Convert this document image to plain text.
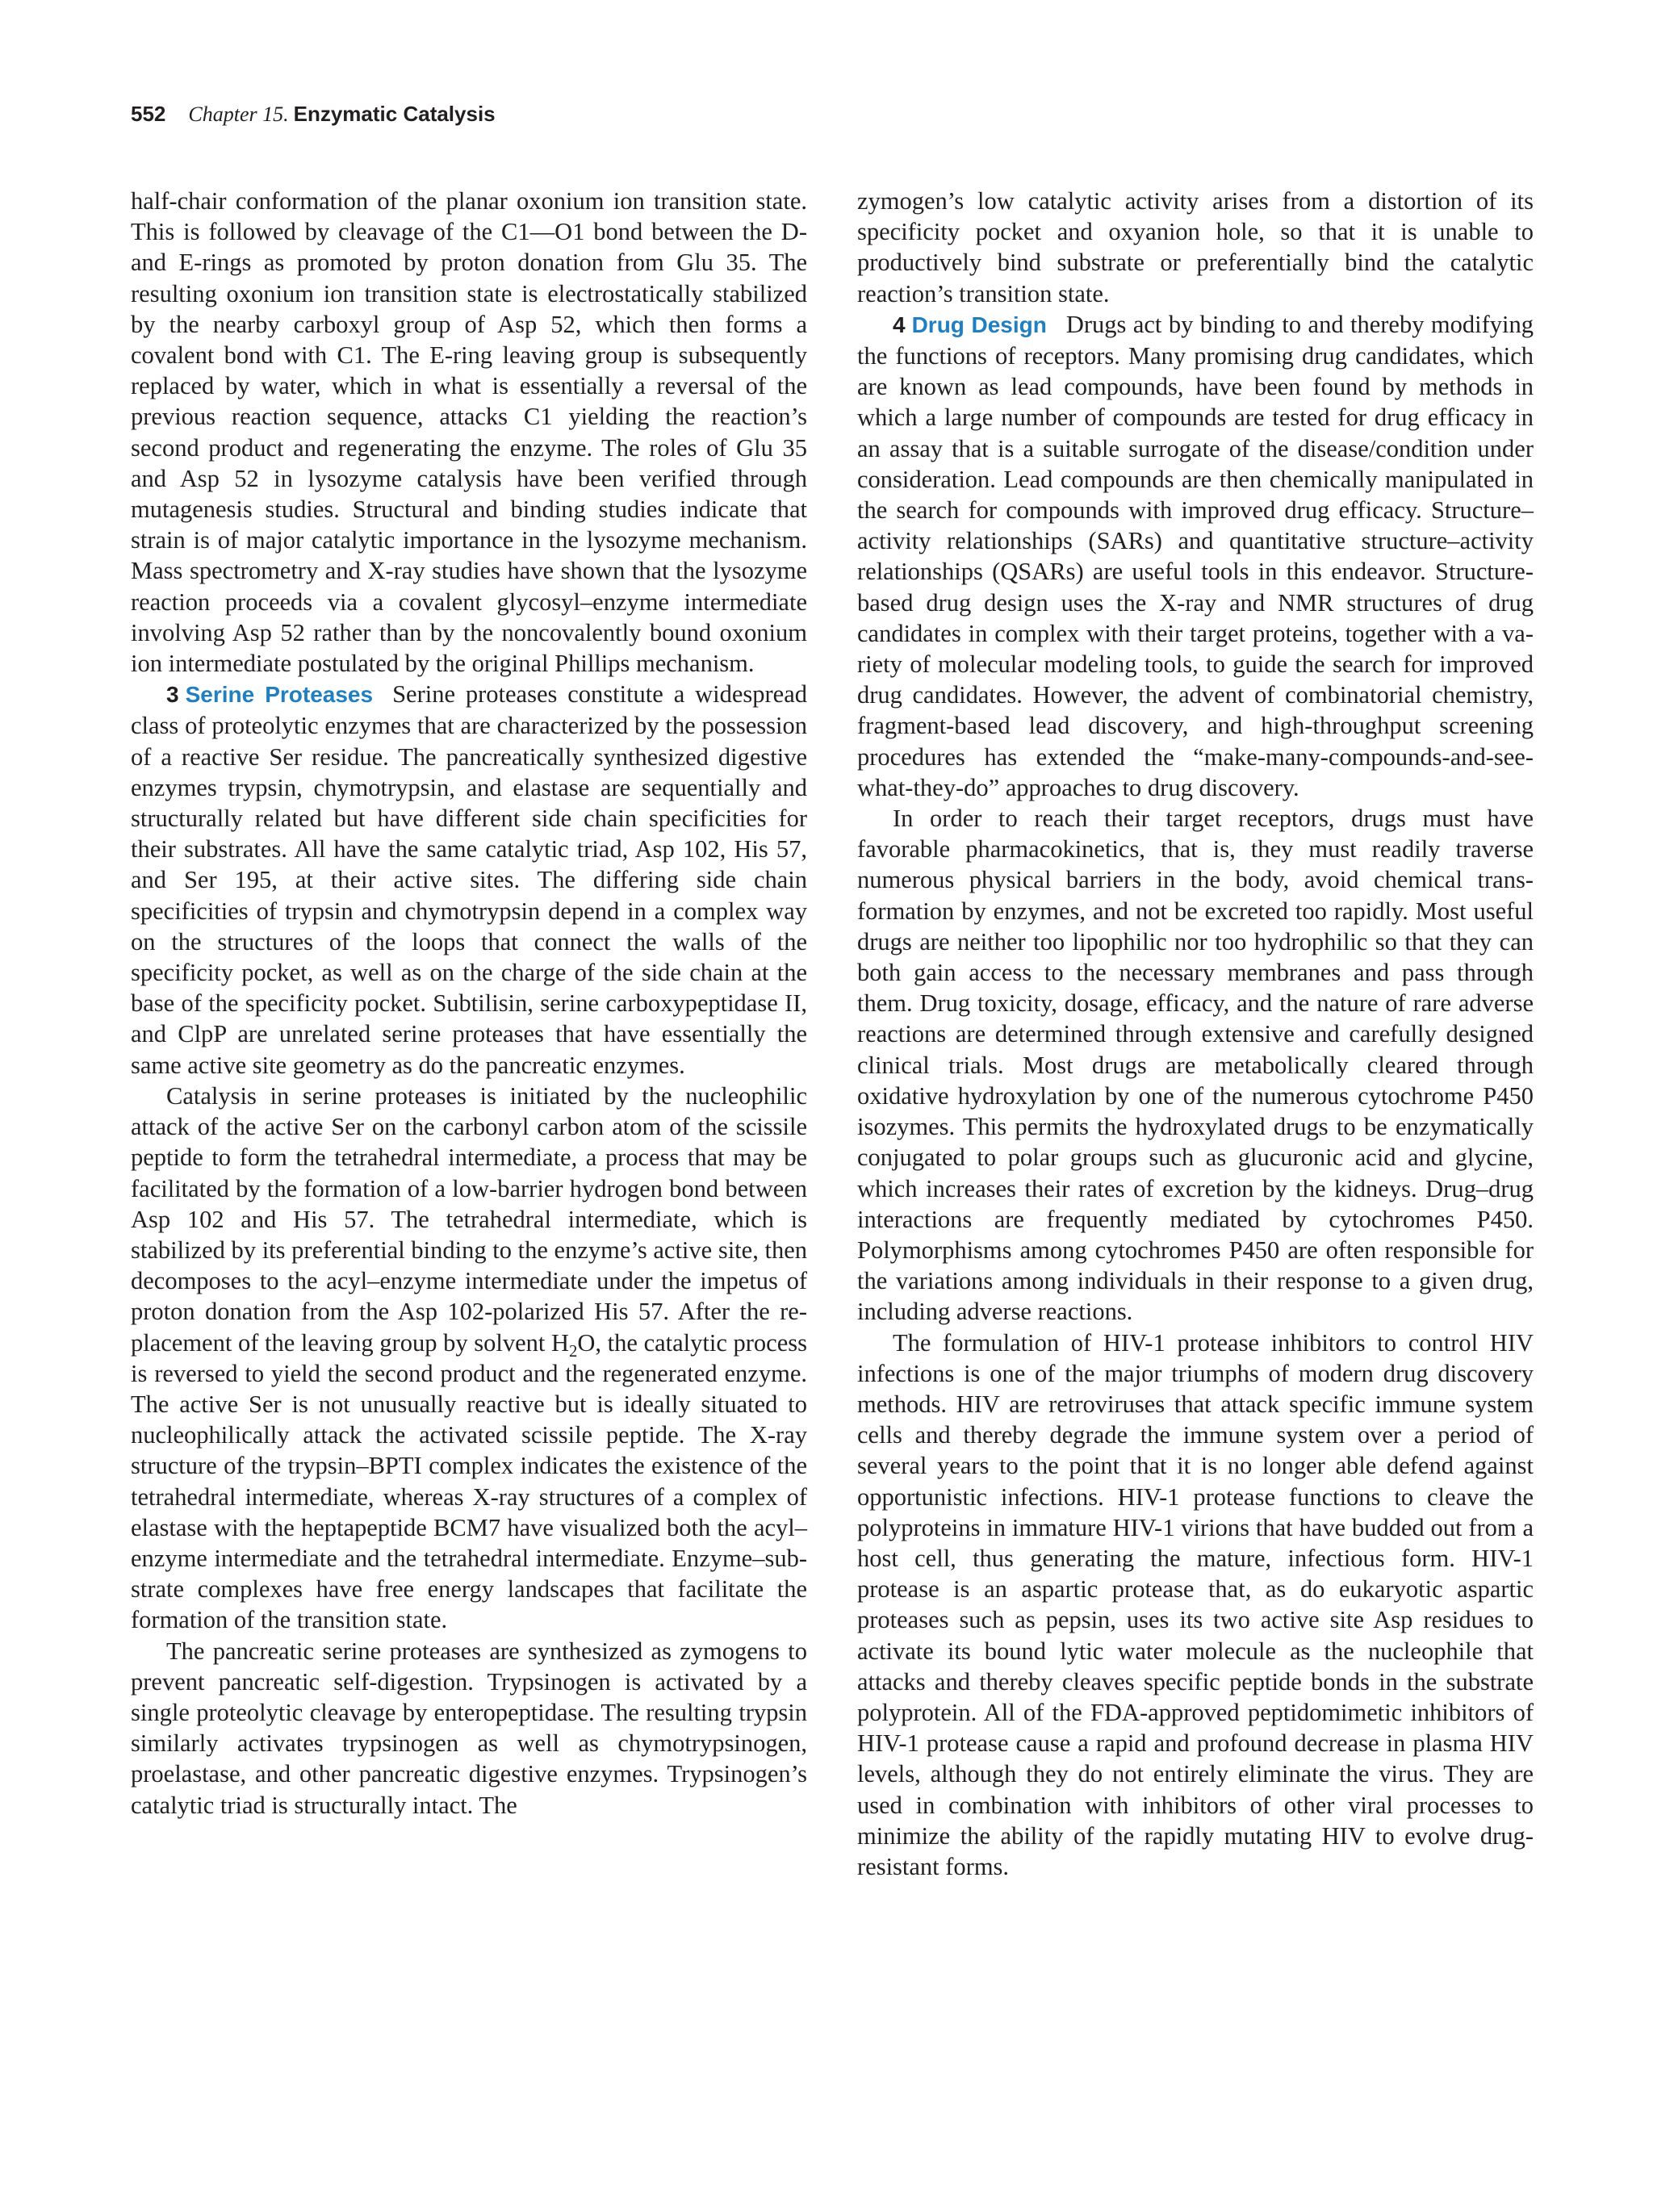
552 Chapter 15. Enzymatic Catalysis

half-chair conformation of the planar oxonium ion transition state. This is followed by cleavage of the C1—O1 bond between the D- and E-rings as promoted by proton donation from Glu 35. The resulting oxonium ion transition state is electrostatically stabilized by the nearby carboxyl group of Asp 52, which then forms a covalent bond with C1. The E-ring leaving group is subsequently replaced by water, which in what is essentially a reversal of the previous reaction sequence, attacks C1 yielding the reaction’s second product and regenerating the enzyme. The roles of Glu 35 and Asp 52 in lysozyme catalysis have been verified through mutagenesis studies. Structural and binding studies indicate that strain is of major catalytic importance in the lysozyme mechanism. Mass spectrometry and X-ray studies have shown that the lysozyme reaction proceeds via a covalent glycosyl–enzyme intermediate involving Asp 52 rather than by the noncovalently bound oxonium ion intermediate postulated by the original Phillips mechanism.

3 Serine Proteases Serine proteases constitute a widespread class of proteolytic enzymes that are characterized by the possession of a reactive Ser residue. The pancreatically synthesized digestive enzymes trypsin, chymotrypsin, and elastase are sequentially and structurally related but have different side chain specificities for their substrates. All have the same catalytic triad, Asp 102, His 57, and Ser 195, at their active sites. The differing side chain specificities of trypsin and chymotrypsin depend in a complex way on the structures of the loops that connect the walls of the specificity pocket, as well as on the charge of the side chain at the base of the specificity pocket. Subtilisin, serine carboxypeptidase II, and ClpP are unrelated serine proteases that have essentially the same active site geometry as do the pancreatic enzymes.

Catalysis in serine proteases is initiated by the nucleophilic attack of the active Ser on the carbonyl carbon atom of the scissile peptide to form the tetrahedral intermediate, a process that may be facilitated by the formation of a low-barrier hydrogen bond between Asp 102 and His 57. The tetrahedral intermediate, which is stabilized by its preferential binding to the enzyme’s active site, then decomposes to the acyl–enzyme intermediate under the impetus of proton donation from the Asp 102-polarized His 57. After the replacement of the leaving group by solvent $H_2O$, the catalytic process is reversed to yield the second product and the regenerated enzyme. The active Ser is not unusually reactive but is ideally situated to nucleophilically attack the activated scissile peptide. The X-ray structure of the trypsin–BPTI complex indicates the existence of the tetrahedral intermediate, whereas X-ray structures of a complex of elastase with the heptapeptide BCM7 have visualized both the acyl–enzyme intermediate and the tetrahedral intermediate. Enzyme–substrate complexes have free energy landscapes that facilitate the formation of the transition state.

The pancreatic serine proteases are synthesized as zymogens to prevent pancreatic self-digestion. Trypsinogen is activated by a single proteolytic cleavage by enteropeptidase. The resulting trypsin similarly activates trypsinogen as well as chymotrypsinogen, proelastase, and other pancreatic digestive enzymes. Trypsinogen’s catalytic triad is structurally intact. The

zymogen’s low catalytic activity arises from a distortion of its specificity pocket and oxyanion hole, so that it is unable to productively bind substrate or preferentially bind the catalytic reaction’s transition state.

4 Drug Design Drugs act by binding to and thereby modifying the functions of receptors. Many promising drug candidates, which are known as lead compounds, have been found by methods in which a large number of compounds are tested for drug efficacy in an assay that is a suitable surrogate of the disease/condition under consideration. Lead compounds are then chemically manipulated in the search for compounds with improved drug efficacy. Structure–activity relationships (SARs) and quantitative structure–activity relationships (QSARs) are useful tools in this endeavor. Structure-based drug design uses the X-ray and NMR structures of drug candidates in complex with their target proteins, together with a variety of molecular modeling tools, to guide the search for improved drug candidates. However, the advent of combinatorial chemistry, fragment-based lead discovery, and high-throughput screening procedures has extended the “make-many-compounds-and-see-what-they-do” approaches to drug discovery.

In order to reach their target receptors, drugs must have favorable pharmacokinetics, that is, they must readily traverse numerous physical barriers in the body, avoid chemical transformation by enzymes, and not be excreted too rapidly. Most useful drugs are neither too lipophilic nor too hydrophilic so that they can both gain access to the necessary membranes and pass through them. Drug toxicity, dosage, efficacy, and the nature of rare adverse reactions are determined through extensive and carefully designed clinical trials. Most drugs are metabolically cleared through oxidative hydroxylation by one of the numerous cytochrome P450 isozymes. This permits the hydroxylated drugs to be enzymatically conjugated to polar groups such as glucuronic acid and glycine, which increases their rates of excretion by the kidneys. Drug–drug interactions are frequently mediated by cytochromes P450. Polymorphisms among cytochromes P450 are often responsible for the variations among individuals in their response to a given drug, including adverse reactions.

The formulation of HIV-1 protease inhibitors to control HIV infections is one of the major triumphs of modern drug discovery methods. HIV are retroviruses that attack specific immune system cells and thereby degrade the immune system over a period of several years to the point that it is no longer able defend against opportunistic infections. HIV-1 protease functions to cleave the polyproteins in immature HIV-1 virions that have budded out from a host cell, thus generating the mature, infectious form. HIV-1 protease is an aspartic protease that, as do eukaryotic aspartic proteases such as pepsin, uses its two active site Asp residues to activate its bound lytic water molecule as the nucleophile that attacks and thereby cleaves specific peptide bonds in the substrate polyprotein. All of the FDA-approved peptidomimetic inhibitors of HIV-1 protease cause a rapid and profound decrease in plasma HIV levels, although they do not entirely eliminate the virus. They are used in combination with inhibitors of other viral processes to minimize the ability of the rapidly mutating HIV to evolve drug-resistant forms.
